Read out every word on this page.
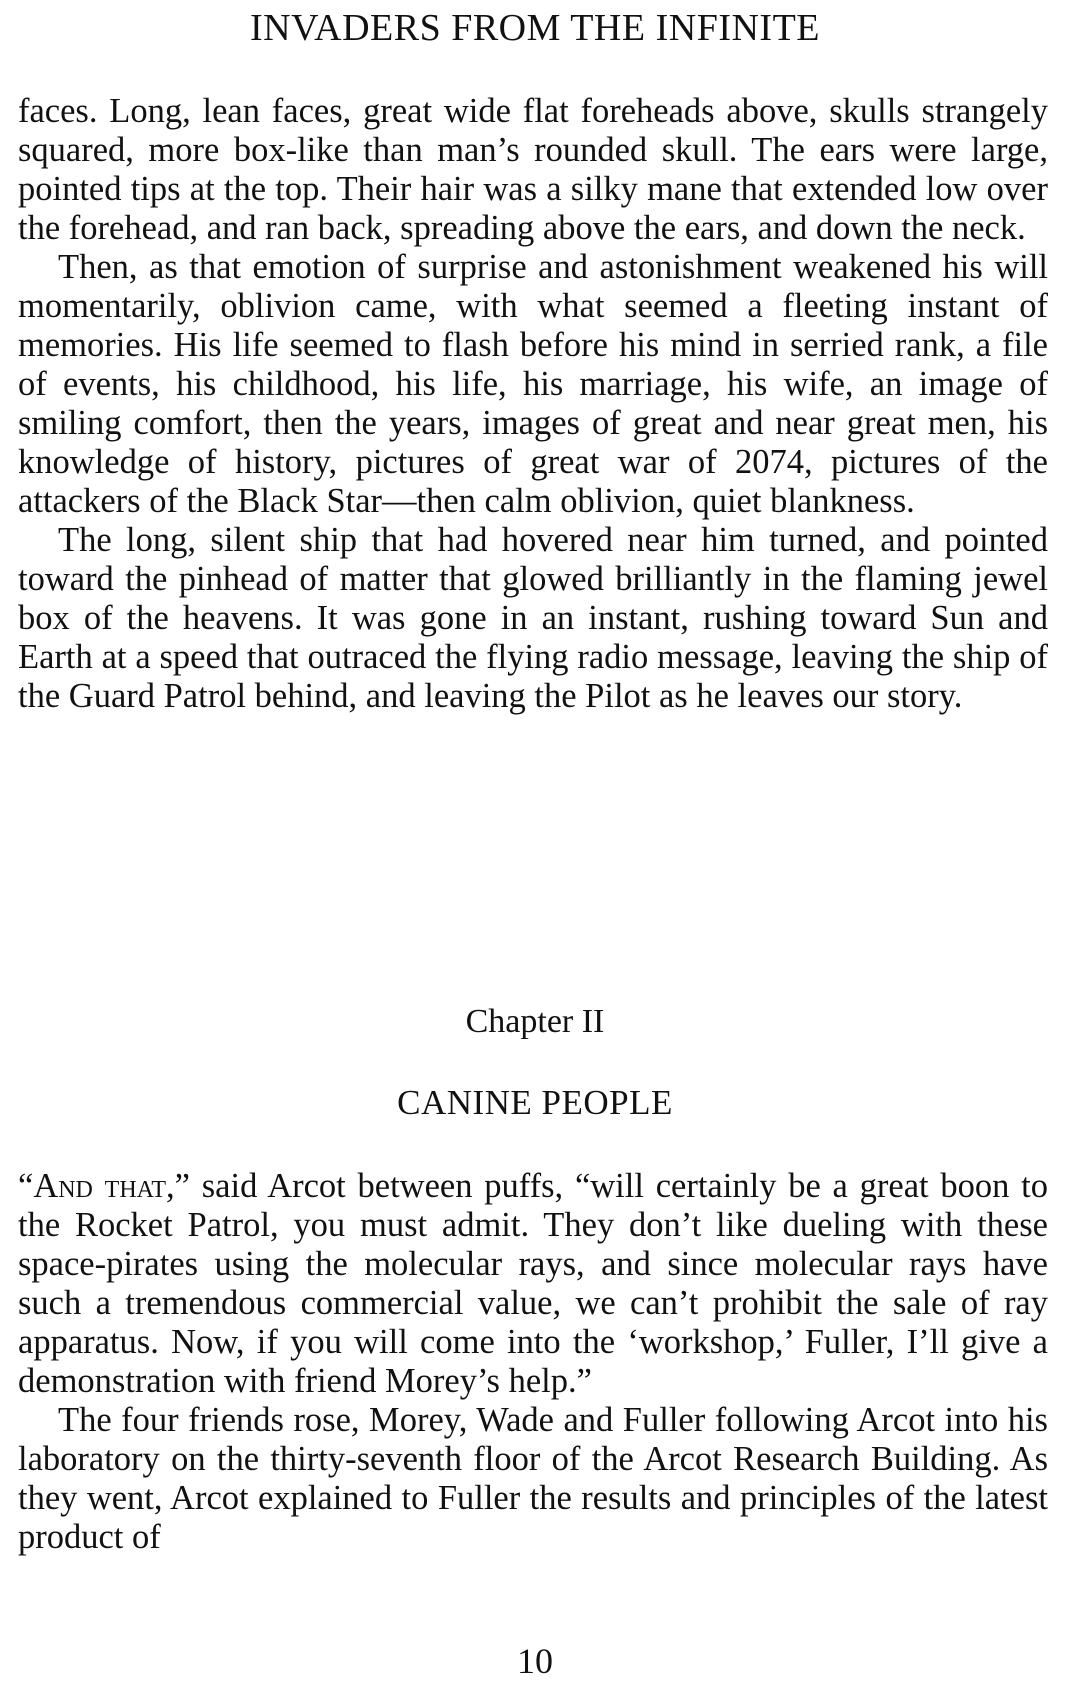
INVADERS FROM THE INFINITE

faces. Long, lean faces, great wide flat foreheads above, skulls strangely squared, more box-like than man’s rounded skull. The ears were large, pointed tips at the top. Their hair was a silky mane that extended low over the forehead, and ran back, spreading above the ears, and down the neck.

Then, as that emotion of surprise and astonishment weakened his will momentarily, oblivion came, with what seemed a fleeting instant of memories. His life seemed to flash before his mind in serried rank, a file of events, his childhood, his life, his marriage, his wife, an image of smiling comfort, then the years, images of great and near great men, his knowledge of history, pictures of great war of 2074, pictures of the attackers of the Black Star—then calm oblivion, quiet blankness.

The long, silent ship that had hovered near him turned, and pointed toward the pinhead of matter that glowed brilliantly in the flaming jewel box of the heavens. It was gone in an instant, rushing toward Sun and Earth at a speed that outraced the flying radio message, leaving the ship of the Guard Patrol behind, and leaving the Pilot as he leaves our story.

Chapter II
CANINE PEOPLE

“And that,” said Arcot between puffs, “will certainly be a great boon to the Rocket Patrol, you must admit. They don’t like dueling with these space-pirates using the molecular rays, and since molecular rays have such a tremendous commercial value, we can’t prohibit the sale of ray apparatus. Now, if you will come into the ‘workshop,’ Fuller, I’ll give a demonstration with friend Morey’s help.”

The four friends rose, Morey, Wade and Fuller following Arcot into his laboratory on the thirty-seventh floor of the Arcot Research Building. As they went, Arcot explained to Fuller the results and principles of the latest product of

10
